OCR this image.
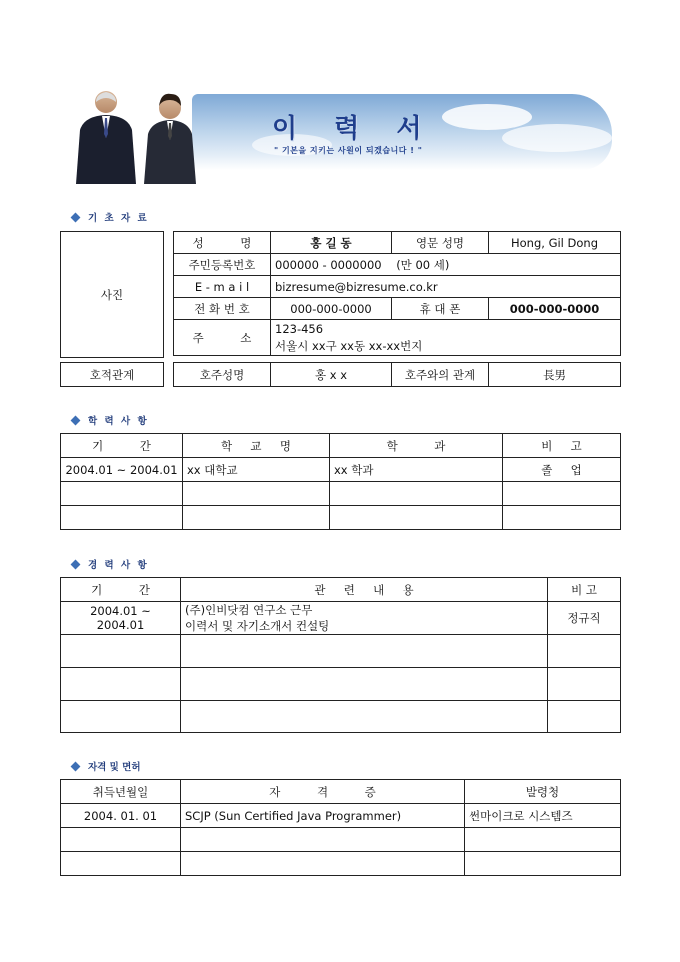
이 력 서
" 기본을 지키는 사원이 되겠습니다 ! "
기 초 자 료
사진
성          명	홍 길 동	영문 성명	Hong, Gil Dong
주민등록번호	000000 - 0000000    (만 00 세)		
E - m a i l	bizresume@bizresume.co.kr		
전 화 번 호	000-000-0000	휴 대 폰	000-000-0000
주          소	123-456
서울시 xx구 xx동 xx-xx번지		
호적관계	호주성명	홍 x x	호주와의 관계	長男
학 력 사 항
기          간	학     교     명	학          과	비     고
2004.01 ~ 2004.01	xx 대학교	xx 학과	졸     업

경 력 사 항
기          간	관     련     내     용	비 고
2004.01 ~ 2004.01	(주)인비닷컴 연구소 근무
이력서 및 자기소개서 컨설팅	정규직

자격 및 면허
취득년월일	자          격          증	발령청
2004. 01. 01	SCJP (Sun Certified Java Programmer)	썬마이크로 시스템즈
